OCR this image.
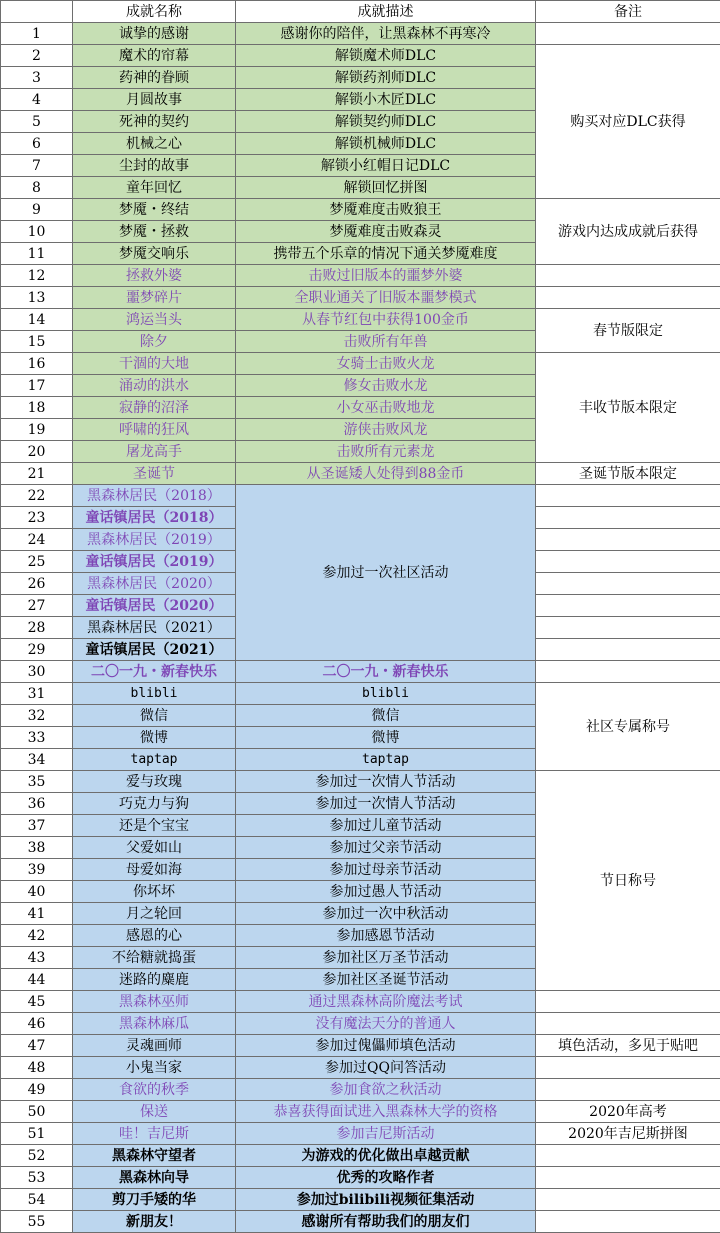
	成就名称	成就描述	备注
1	诚挚的感谢	感谢你的陪伴，让黑森林不再寒冷	
2	魔术的帘幕	解锁魔术师DLC	购买对应DLC获得
3	药神的眷顾	解锁药剂师DLC	
4	月圆故事	解锁小木匠DLC	
5	死神的契约	解锁契约师DLC	
6	机械之心	解锁机械师DLC	
7	尘封的故事	解锁小红帽日记DLC	
8	童年回忆	解锁回忆拼图	
9	梦魇・终结	梦魇难度击败狼王	游戏内达成成就后获得
10	梦魇・拯救	梦魇难度击败森灵	
11	梦魇交响乐	携带五个乐章的情况下通关梦魇难度	
12	拯救外婆	击败过旧版本的噩梦外婆	
13	噩梦碎片	全职业通关了旧版本噩梦模式	
14	鸿运当头	从春节红包中获得100金币	春节版限定
15	除夕	击败所有年兽	
16	干涸的大地	女骑士击败火龙	丰收节版本限定
17	涌动的洪水	修女击败水龙	
18	寂静的沼泽	小女巫击败地龙	
19	呼啸的狂风	游侠击败风龙	
20	屠龙高手	击败所有元素龙	
21	圣诞节	从圣诞矮人处得到88金币	圣诞节版本限定
22	黑森林居民（2018）	参加过一次社区活动	
23	童话镇居民（2018）		
24	黑森林居民（2019）		
25	童话镇居民（2019）		
26	黑森林居民（2020）		
27	童话镇居民（2020）		
28	黑森林居民（2021）		
29	童话镇居民（2021）		
30	二〇一九・新春快乐	二〇一九・新春快乐	
31	blibli	blibli	社区专属称号
32	微信	微信	
33	微博	微博	
34	taptap	taptap	
35	爱与玫瑰	参加过一次情人节活动	节日称号
36	巧克力与狗	参加过一次情人节活动	
37	还是个宝宝	参加过儿童节活动	
38	父爱如山	参加过父亲节活动	
39	母爱如海	参加过母亲节活动	
40	你坏坏	参加过愚人节活动	
41	月之轮回	参加过一次中秋活动	
42	感恩的心	参加感恩节活动	
43	不给糖就捣蛋	参加社区万圣节活动	
44	迷路的麋鹿	参加社区圣诞节活动	
45	黑森林巫师	通过黑森林高阶魔法考试	
46	黑森林麻瓜	没有魔法天分的普通人	
47	灵魂画师	参加过傀儡师填色活动	填色活动，多见于贴吧
48	小鬼当家	参加过QQ问答活动	
49	食欲的秋季	参加食欲之秋活动	
50	保送	恭喜获得面试进入黑森林大学的资格	2020年高考
51	哇！吉尼斯	参加吉尼斯活动	2020年吉尼斯拼图
52	黑森林守望者	为游戏的优化做出卓越贡献	
53	黑森林向导	优秀的攻略作者	
54	剪刀手矮的华	参加过bilibili视频征集活动	
55	新朋友！	感谢所有帮助我们的朋友们	
